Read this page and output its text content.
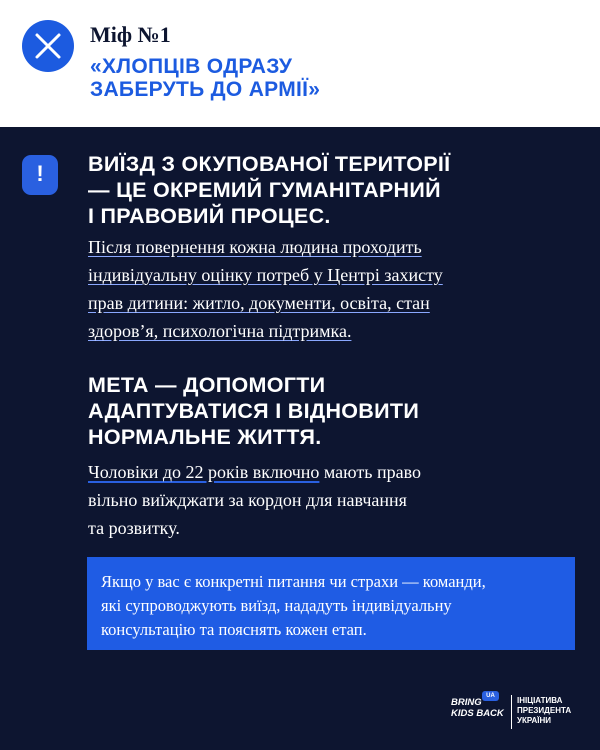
Міф №1
«ХЛОПЦІВ ОДРАЗУ
ЗАБЕРУТЬ ДО АРМІЇ»
!	ВИЇЗД З ОКУПОВАНОЇ ТЕРИТОРІЇ
— ЦЕ ОКРЕМИЙ ГУМАНІТАРНИЙ
І ПРАВОВИЙ ПРОЦЕС.
Після повернення кожна людина проходить
індивідуальну оцінку потреб у Центрі захисту
прав дитини: житло, документи, освіта, стан
здоров’я, психологічна підтримка.
МЕТА — ДОПОМОГТИ
АДАПТУВАТИСЯ І ВІДНОВИТИ
НОРМАЛЬНЕ ЖИТТЯ.
Чоловіки до 22 років включно мають право
вільно виїжджати за кордон для навчання
та розвитку.

Якщо у вас є конкретні питання чи страхи — команди,
які супроводжують виїзд, нададуть індивідуальну
консультацію та пояснять кожен етап.

BRING
KIDS BACK
UA	ІНІЦІАТИВА
ПРЕЗИДЕНТА
УКРАЇНИ
